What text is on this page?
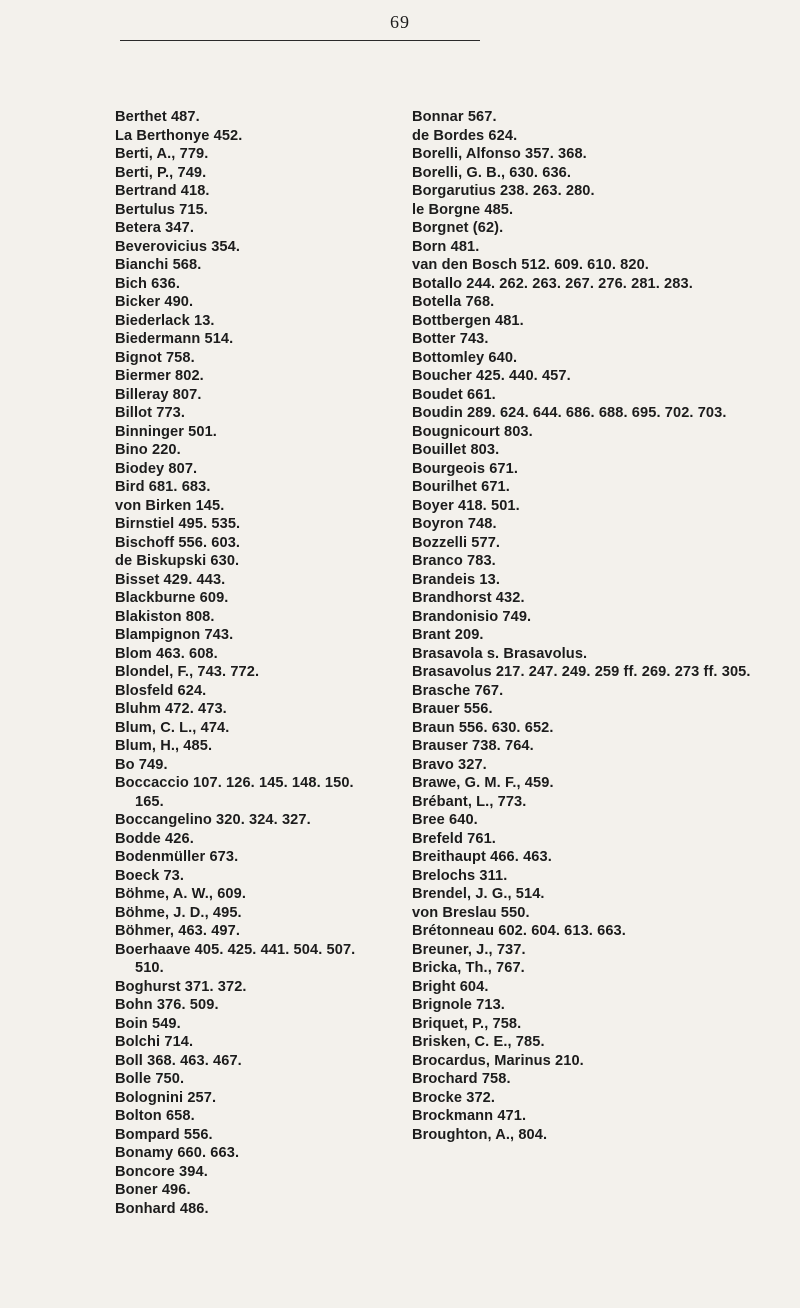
69
Berthet 487.
La Berthonye 452.
Berti, A., 779.
Berti, P., 749.
Bertrand 418.
Bertulus 715.
Betera 347.
Beverovicius 354.
Bianchi 568.
Bich 636.
Bicker 490.
Biederlack 13.
Biedermann 514.
Bignot 758.
Biermer 802.
Billeray 807.
Billot 773.
Binninger 501.
Bino 220.
Biodey 807.
Bird 681. 683.
von Birken 145.
Birnstiel 495. 535.
Bischoff 556. 603.
de Biskupski 630.
Bisset 429. 443.
Blackburne 609.
Blakiston 808.
Blampignon 743.
Blom 463. 608.
Blondel, F., 743. 772.
Blosfeld 624.
Bluhm 472. 473.
Blum, C. L., 474.
Blum, H., 485.
Bo 749.
Boccaccio 107. 126. 145. 148. 150. 165.
Boccangelino 320. 324. 327.
Bodde 426.
Bodenmüller 673.
Boeck 73.
Böhme, A. W., 609.
Böhme, J. D., 495.
Böhmer, 463. 497.
Boerhaave 405. 425. 441. 504. 507. 510.
Boghurst 371. 372.
Bohn 376. 509.
Boin 549.
Bolchi 714.
Boll 368. 463. 467.
Bolle 750.
Bolognini 257.
Bolton 658.
Bompard 556.
Bonamy 660. 663.
Boncore 394.
Boner 496.
Bonhard 486.
Bonnar 567.
de Bordes 624.
Borelli, Alfonso 357. 368.
Borelli, G. B., 630. 636.
Borgarutius 238. 263. 280.
le Borgne 485.
Borgnet (62).
Born 481.
van den Bosch 512. 609. 610. 820.
Botallo 244. 262. 263. 267. 276. 281. 283.
Botella 768.
Bottbergen 481.
Botter 743.
Bottomley 640.
Boucher 425. 440. 457.
Boudet 661.
Boudin 289. 624. 644. 686. 688. 695. 702. 703.
Bougnicourt 803.
Bouillet 803.
Bourgeois 671.
Bourilhet 671.
Boyer 418. 501.
Boyron 748.
Bozzelli 577.
Branco 783.
Brandeis 13.
Brandhorst 432.
Brandonisio 749.
Brant 209.
Brasavola s. Brasavolus.
Brasavolus 217. 247. 249. 259 ff. 269. 273 ff. 305.
Brasche 767.
Brauer 556.
Braun 556. 630. 652.
Brauser 738. 764.
Bravo 327.
Brawe, G. M. F., 459.
Brébant, L., 773.
Bree 640.
Brefeld 761.
Breithaupt 466. 463.
Brelochs 311.
Brendel, J. G., 514.
von Breslau 550.
Brétonneau 602. 604. 613. 663.
Breuner, J., 737.
Bricka, Th., 767.
Bright 604.
Brignole 713.
Briquet, P., 758.
Brisken, C. E., 785.
Brocardus, Marinus 210.
Brochard 758.
Brocke 372.
Brockmann 471.
Broughton, A., 804.
